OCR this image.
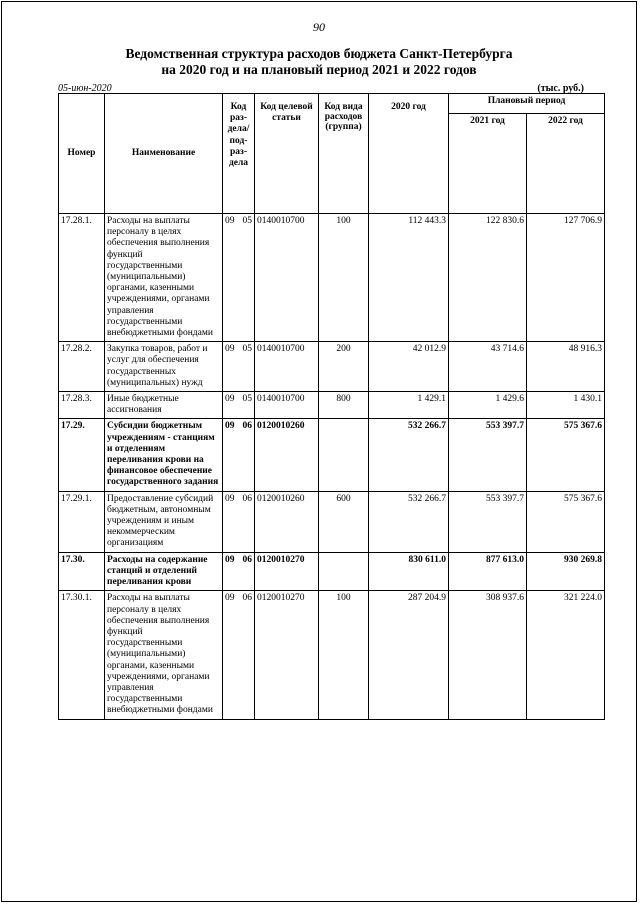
90
Ведомственная структура расходов бюджета Санкт-Петербурга
на 2020 год и на плановый период 2021 и 2022 годов
05-июн-2020	(тыс. руб.)
Номер	Наименование	Код раз-дела/ под-раз-дела	Код целевой статьи	Код вида расходов (группа)	2020 год	Плановый период	
						2021 год	2022 год
17.28.1.	Расходы на выплаты персоналу в целях обеспечения выполнения функций государственными (муниципальными) органами, казенными учреждениями, органами управления государственными внебюджетными фондами	09 05	0140010700	100	112 443.3	122 830.6	127 706.9
17.28.2.	Закупка товаров, работ и услуг для обеспечения государственных (муниципальных) нужд	09 05	0140010700	200	42 012.9	43 714.6	48 916.3
17.28.3.	Иные бюджетные ассигнования	09 05	0140010700	800	1 429.1	1 429.6	1 430.1
17.29.	Субсидии бюджетным учреждениям - станциям и отделениям переливания крови на финансовое обеспечение государственного задания	09 06	0120010260		532 266.7	553 397.7	575 367.6
17.29.1.	Предоставление субсидий бюджетным, автономным учреждениям и иным некоммерческим организациям	09 06	0120010260	600	532 266.7	553 397.7	575 367.6
17.30.	Расходы на содержание станций и отделений переливания крови	09 06	0120010270		830 611.0	877 613.0	930 269.8
17.30.1.	Расходы на выплаты персоналу в целях обеспечения выполнения функций государственными (муниципальными) органами, казенными учреждениями, органами управления государственными внебюджетными фондами	09 06	0120010270	100	287 204.9	308 937.6	321 224.0
